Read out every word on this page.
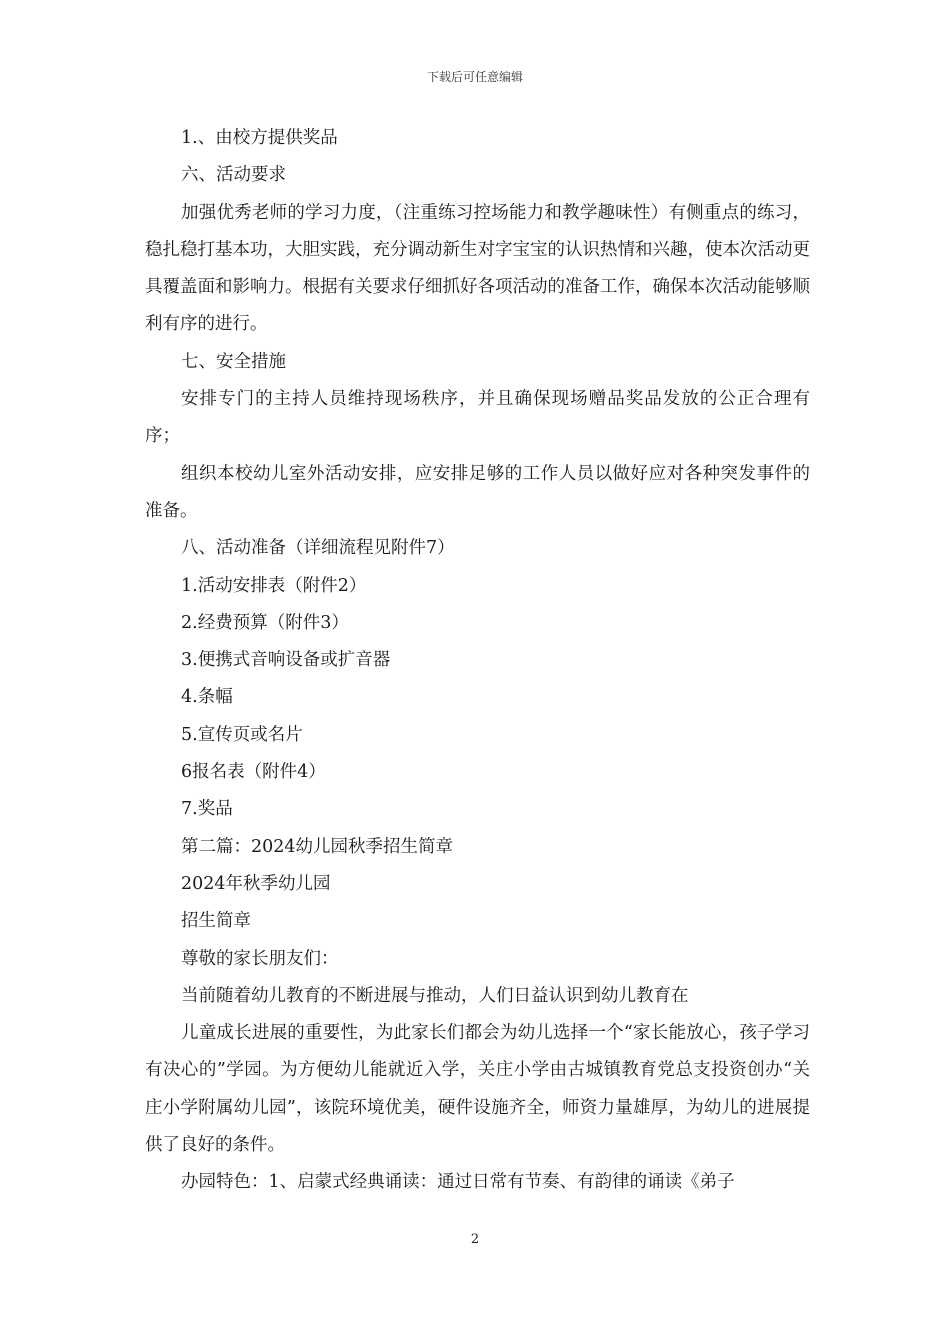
下载后可任意编辑
1.、由校方提供奖品
六、活动要求
加强优秀老师的学习力度，（注重练习控场能力和教学趣味性）有侧重点的练习，稳扎稳打基本功，大胆实践，充分调动新生对字宝宝的认识热情和兴趣，使本次活动更具覆盖面和影响力。根据有关要求仔细抓好各项活动的准备工作，确保本次活动能够顺利有序的进行。
七、安全措施
安排专门的主持人员维持现场秩序，并且确保现场赠品奖品发放的公正合理有序；
组织本校幼儿室外活动安排，应安排足够的工作人员以做好应对各种突发事件的准备。
八、活动准备（详细流程见附件7）
1.活动安排表（附件2）
2.经费预算（附件3）
3.便携式音响设备或扩音器
4.条幅
5.宣传页或名片
6报名表（附件4）
7.奖品
第二篇：2024幼儿园秋季招生简章
2024年秋季幼儿园
招生简章
尊敬的家长朋友们：
当前随着幼儿教育的不断进展与推动，人们日益认识到幼儿教育在
儿童成长进展的重要性，为此家长们都会为幼儿选择一个“家长能放心，孩子学习有决心的”学园。为方便幼儿能就近入学，关庄小学由古城镇教育党总支投资创办“关庄小学附属幼儿园”，该院环境优美，硬件设施齐全，师资力量雄厚，为幼儿的进展提供了良好的条件。
办园特色：1、启蒙式经典诵读：通过日常有节奏、有韵律的诵读《弟子
2
